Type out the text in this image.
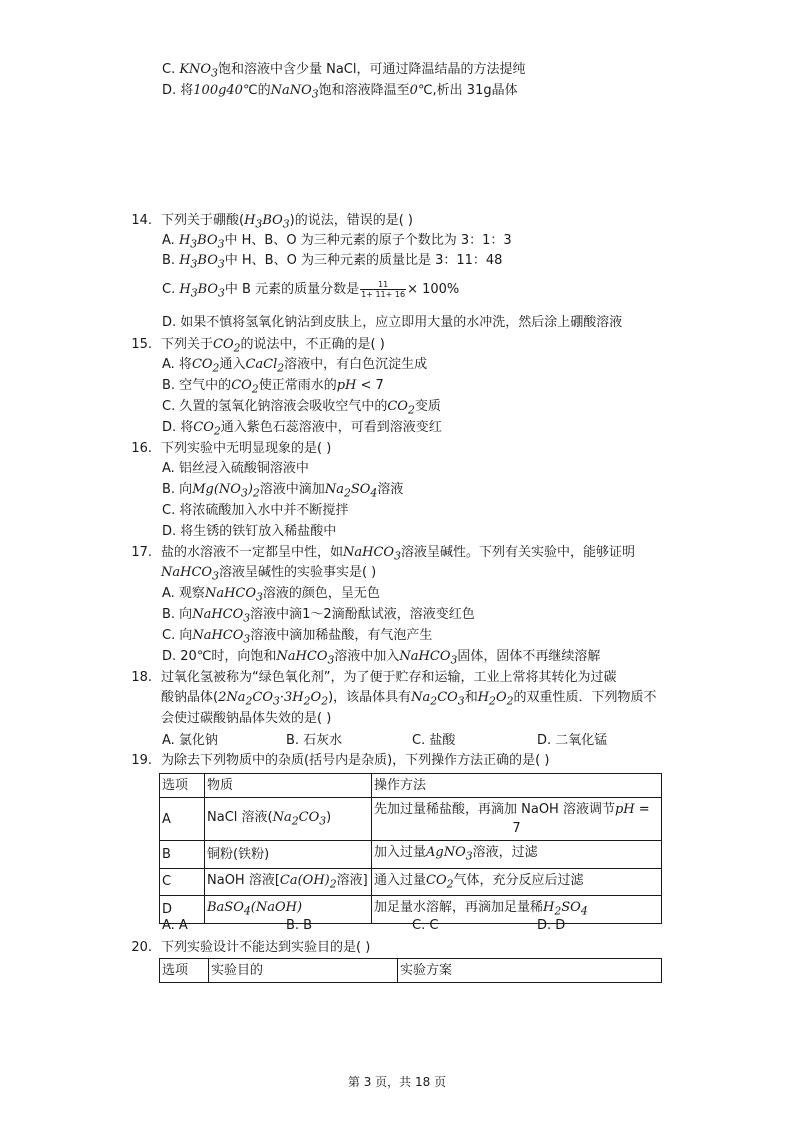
C. $KNO_3$饱和溶液中含少量 NaCl，可通过降温结晶的方法提纯
D. 将100g40℃的NaNO$_3$饱和溶液降温至0℃,析出 31g晶体
14. 下列关于硼酸$(H_3BO_3)$的说法，错误的是( )
A. $H_3BO_3$中 H、B、O 为三种元素的原子个数比为 3：1：3
B. $H_3BO_3$中 H、B、O 为三种元素的质量比是 3：11：48
C. $H_3BO_3$中 B 元素的质量分数是 $\frac{11}{1+ 11+ 16} \times 100\%$
D. 如果不慎将氢氧化钠沾到皮肤上，应立即用大量的水冲洗，然后涂上硼酸溶液
15. 下列关于$CO_2$的说法中，不正确的是( )
A. 将$CO_2$通入CaCl$_2$溶液中，有白色沉淀生成
B. 空气中的$CO_2$使正常雨水的pH < 7
C. 久置的氢氧化钠溶液会吸收空气中的$CO_2$变质
D. 将$CO_2$通入紫色石蕊溶液中，可看到溶液变红
16. 下列实验中无明显现象的是( )
A. 铝丝浸入硫酸铜溶液中
B. 向$Mg(NO_3)_2$溶液中滴加$Na_2SO_4$溶液
C. 将浓硫酸加入水中并不断搅拌
D. 将生锈的铁钉放入稀盐酸中
17. 盐的水溶液不一定都呈中性，如NaHCO$_3$溶液呈碱性。下列有关实验中，能够证明
NaHCO$_3$溶液呈碱性的实验事实是( )
A. 观察NaHCO$_3$溶液的颜色，呈无色
B. 向NaHCO$_3$溶液中滴1～2滴酚酞试液，溶液变红色
C. 向NaHCO$_3$溶液中滴加稀盐酸，有气泡产生
D. 20℃时，向饱和NaHCO$_3$溶液中加入NaHCO$_3$固体，固体不再继续溶解
18. 过氧化氢被称为“绿色氧化剂”，为了便于贮存和运输，工业上常将其转化为过碳
酸钠晶体$(2Na_2CO_3\cdot 3H_2O_2)$，该晶体具有$Na_2CO_3$和$H_2O_2$的双重性质．下列物质不
会使过碳酸钠晶体失效的是( )
A. 氯化钠	B. 石灰水	C. 盐酸	D. 二氧化锰
19. 为除去下列物质中的杂质(括号内是杂质)，下列操作方法正确的是( )
选项	物质	操作方法
A	NaCl 溶液$(Na_2CO_3)$	先加过量稀盐酸，再滴加 NaOH 溶液调节pH =
7

B	铜粉(铁粉)	加入过量AgNO$_3$溶液，过滤
C	NaOH 溶液[$Ca(OH)_2$溶液]	通入过量$CO_2$气体，充分反应后过滤
D	BaSO$_4$(NaOH)	加足量水溶解，再滴加足量稀$H_2SO_4$
A. A	B. B	C. C	D. D
20. 下列实验设计不能达到实验目的是( )
选项	实验目的	实验方案
第 3 页，共 18 页
